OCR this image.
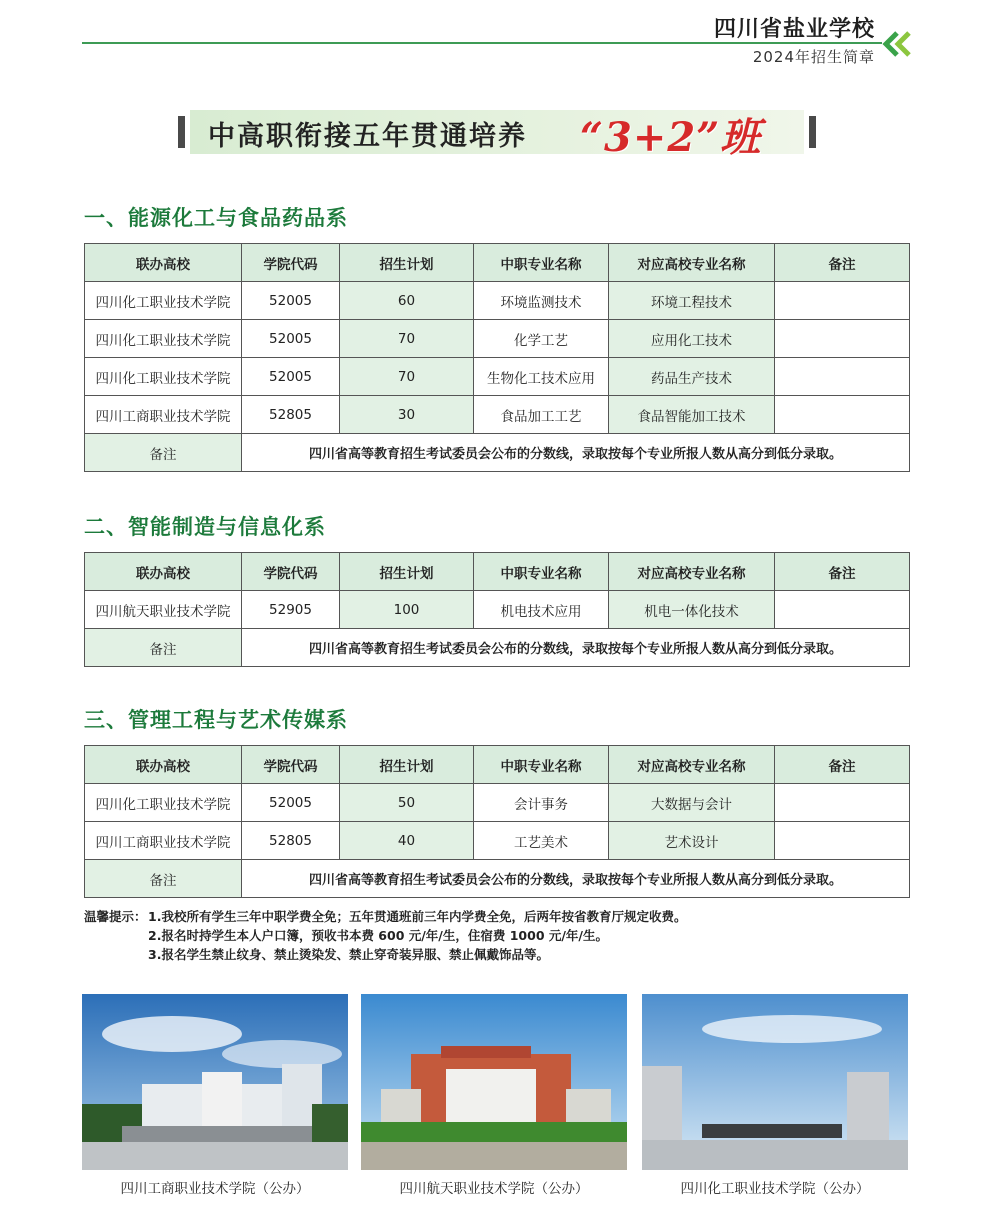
四川省盐业学校
2024年招生简章
中高职衔接五年贯通培养 “3+2”班
一、能源化工与食品药品系
联办高校	学院代码	招生计划	中职专业名称	对应高校专业名称	备注
四川化工职业技术学院	52005	60	环境监测技术	环境工程技术	
四川化工职业技术学院	52005	70	化学工艺	应用化工技术	
四川化工职业技术学院	52005	70	生物化工技术应用	药品生产技术	
四川工商职业技术学院	52805	30	食品加工工艺	食品智能加工技术	
备注	四川省高等教育招生考试委员会公布的分数线，录取按每个专业所报人数从高分到低分录取。				
二、智能制造与信息化系
联办高校	学院代码	招生计划	中职专业名称	对应高校专业名称	备注
四川航天职业技术学院	52905	100	机电技术应用	机电一体化技术	
备注	四川省高等教育招生考试委员会公布的分数线，录取按每个专业所报人数从高分到低分录取。				
三、管理工程与艺术传媒系
联办高校	学院代码	招生计划	中职专业名称	对应高校专业名称	备注
四川化工职业技术学院	52005	50	会计事务	大数据与会计	
四川工商职业技术学院	52805	40	工艺美术	艺术设计	
备注	四川省高等教育招生考试委员会公布的分数线，录取按每个专业所报人数从高分到低分录取。				
温馨提示：1.我校所有学生三年中职学费全免；五年贯通班前三年内学费全免，后两年按省教育厅规定收费。
2.报名时持学生本人户口簿，预收书本费 600 元/年/生，住宿费 1000 元/年/生。
3.报名学生禁止纹身、禁止烫染发、禁止穿奇装异服、禁止佩戴饰品等。
四川工商职业技术学院（公办）	四川航天职业技术学院（公办）	四川化工职业技术学院（公办）
